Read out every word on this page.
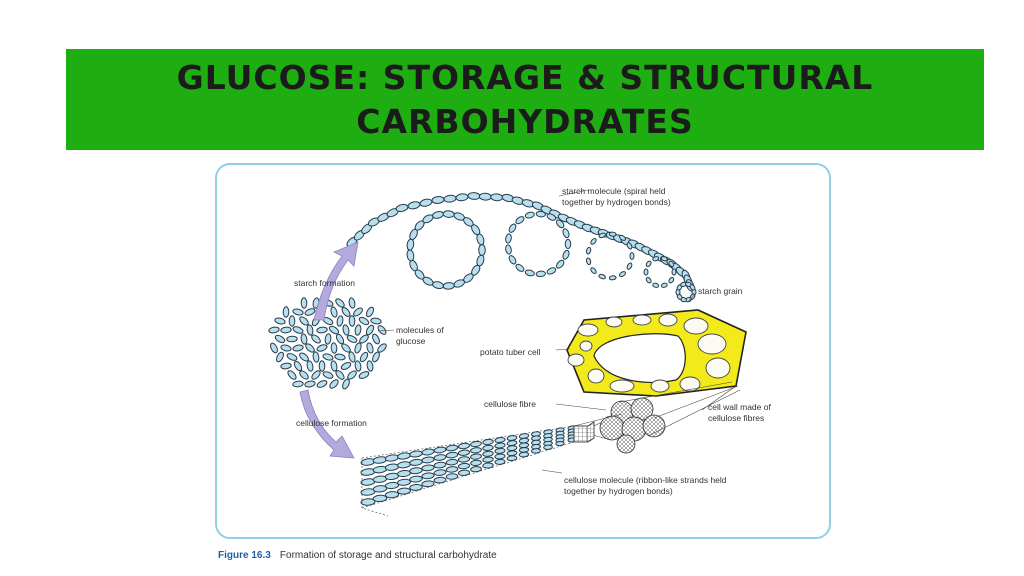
GLUCOSE: STORAGE & STRUCTURAL
CARBOHYDRATES
starch molecule (spiral held
together by hydrogen bonds)
starch formation
molecules of
glucose
starch grain
potato tuber cell
cellulose fibre	cell wall made of
cellulose fibres
cellulose formation
cellulose molecule (ribbon-like strands held
together by hydrogen bonds)
Figure 16.3 Formation of storage and structural carbohydrate
